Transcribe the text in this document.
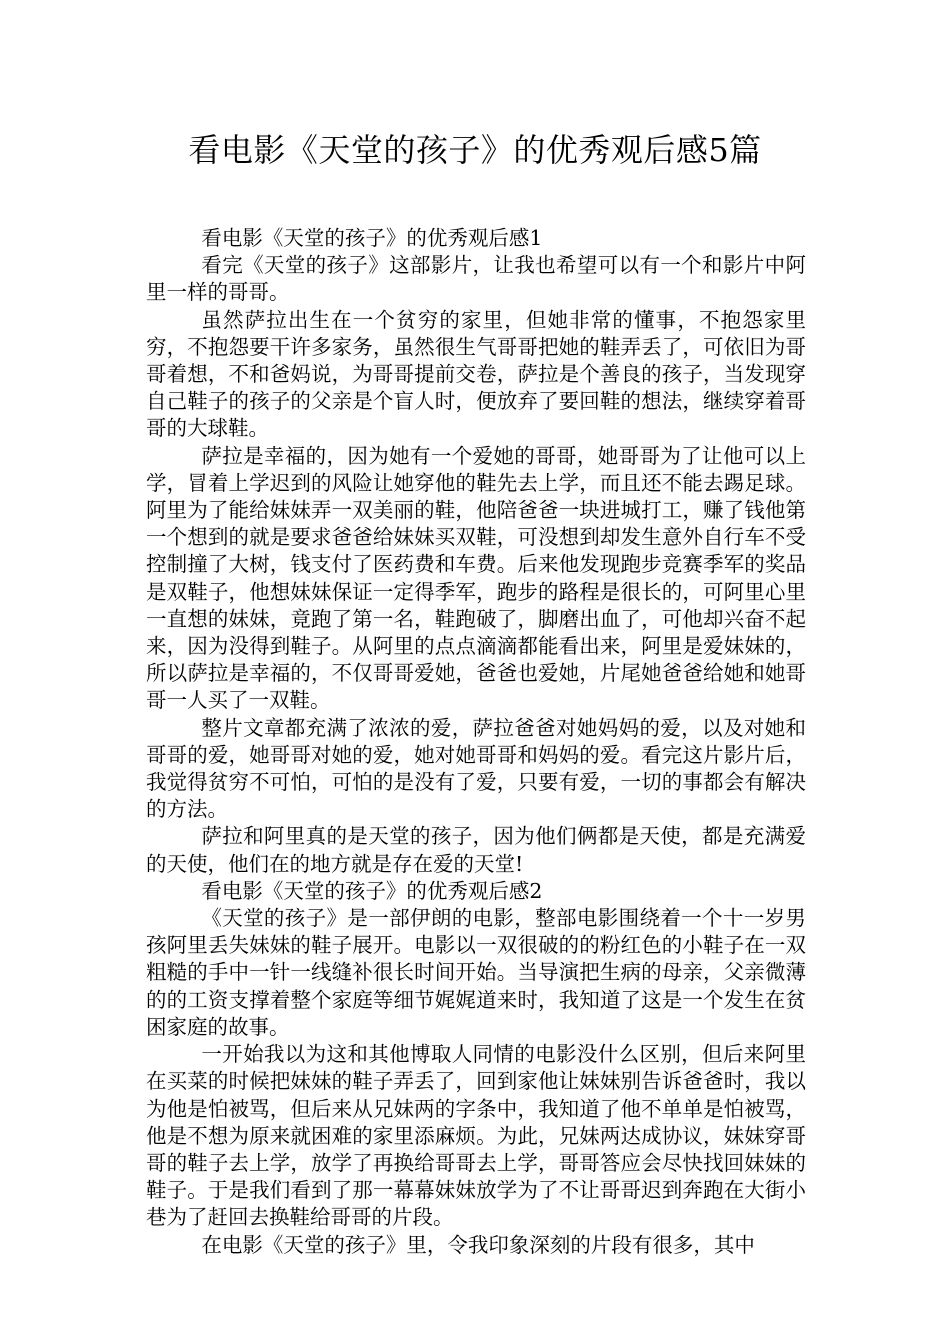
看电影《天堂的孩子》的优秀观后感5篇

看电影《天堂的孩子》的优秀观后感1

看完《天堂的孩子》这部影片，让我也希望可以有一个和影片中阿里一样的哥哥。

虽然萨拉出生在一个贫穷的家里，但她非常的懂事，不抱怨家里穷，不抱怨要干许多家务，虽然很生气哥哥把她的鞋弄丢了，可依旧为哥哥着想，不和爸妈说，为哥哥提前交卷，萨拉是个善良的孩子，当发现穿自己鞋子的孩子的父亲是个盲人时，便放弃了要回鞋的想法，继续穿着哥哥的大球鞋。

萨拉是幸福的，因为她有一个爱她的哥哥，她哥哥为了让他可以上学，冒着上学迟到的风险让她穿他的鞋先去上学，而且还不能去踢足球。阿里为了能给妹妹弄一双美丽的鞋，他陪爸爸一块进城打工，赚了钱他第一个想到的就是要求爸爸给妹妹买双鞋，可没想到却发生意外自行车不受控制撞了大树，钱支付了医药费和车费。后来他发现跑步竞赛季军的奖品是双鞋子，他想妹妹保证一定得季军，跑步的路程是很长的，可阿里心里一直想的妹妹，竟跑了第一名，鞋跑破了，脚磨出血了，可他却兴奋不起来，因为没得到鞋子。从阿里的点点滴滴都能看出来，阿里是爱妹妹的，所以萨拉是幸福的，不仅哥哥爱她，爸爸也爱她，片尾她爸爸给她和她哥哥一人买了一双鞋。

整片文章都充满了浓浓的爱，萨拉爸爸对她妈妈的爱，以及对她和哥哥的爱，她哥哥对她的爱，她对她哥哥和妈妈的爱。看完这片影片后，我觉得贫穷不可怕，可怕的是没有了爱，只要有爱，一切的事都会有解决的方法。

萨拉和阿里真的是天堂的孩子，因为他们俩都是天使，都是充满爱的天使，他们在的地方就是存在爱的天堂!

看电影《天堂的孩子》的优秀观后感2

《天堂的孩子》是一部伊朗的电影，整部电影围绕着一个十一岁男孩阿里丢失妹妹的鞋子展开。电影以一双很破的的粉红色的小鞋子在一双粗糙的手中一针一线缝补很长时间开始。当导演把生病的母亲，父亲微薄的的工资支撑着整个家庭等细节娓娓道来时，我知道了这是一个发生在贫困家庭的故事。

一开始我以为这和其他博取人同情的电影没什么区别，但后来阿里在买菜的时候把妹妹的鞋子弄丢了，回到家他让妹妹别告诉爸爸时，我以为他是怕被骂，但后来从兄妹两的字条中，我知道了他不单单是怕被骂，他是不想为原来就困难的家里添麻烦。为此，兄妹两达成协议，妹妹穿哥哥的鞋子去上学，放学了再换给哥哥去上学，哥哥答应会尽快找回妹妹的鞋子。于是我们看到了那一幕幕妹妹放学为了不让哥哥迟到奔跑在大街小巷为了赶回去换鞋给哥哥的片段。

在电影《天堂的孩子》里，令我印象深刻的片段有很多，其中
